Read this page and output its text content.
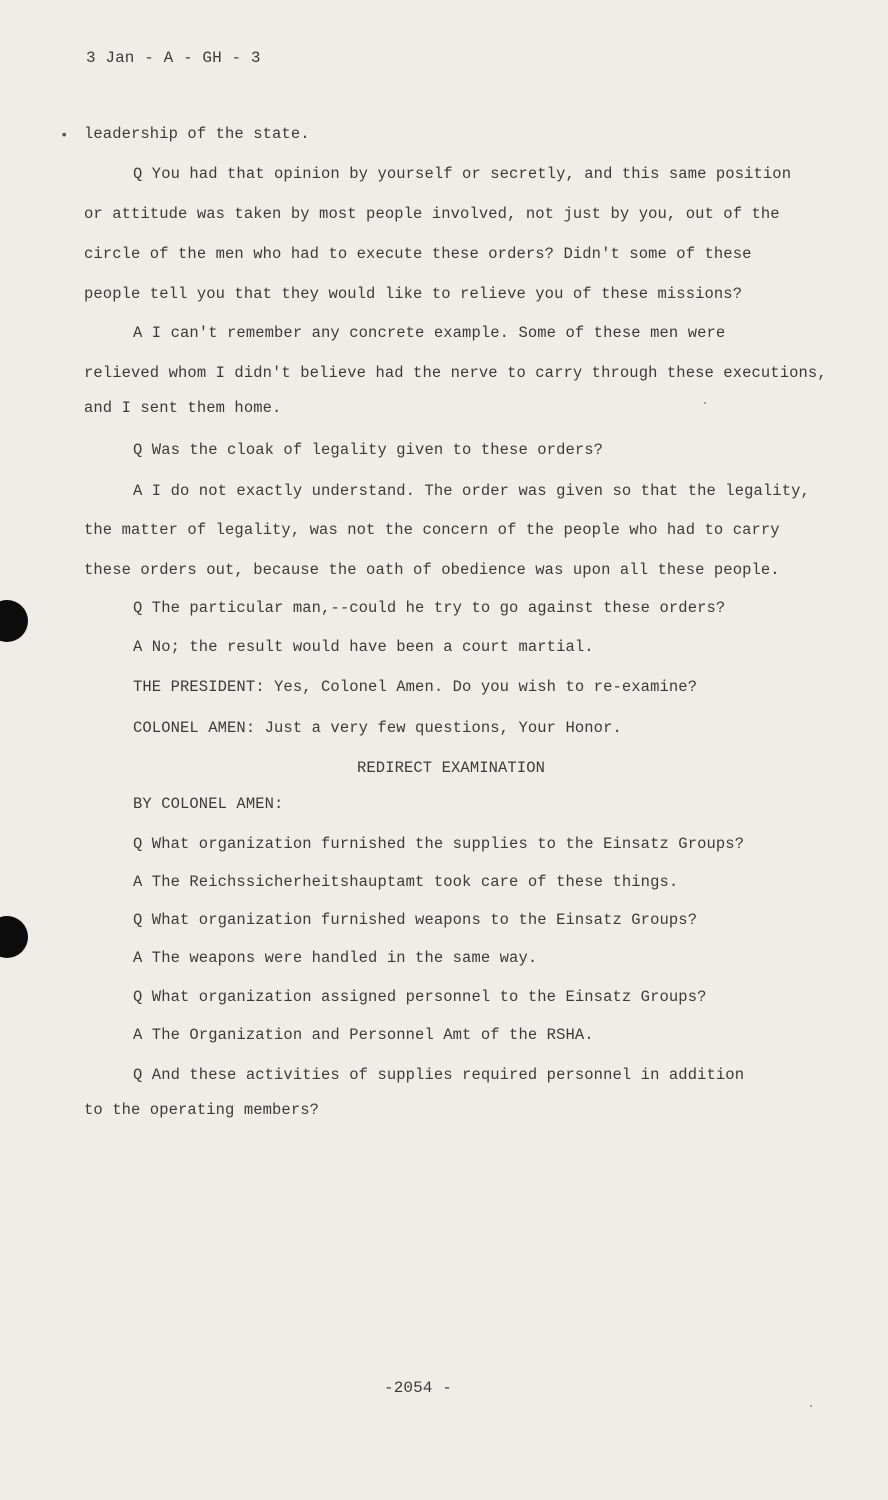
3 Jan - A - GH - 3
• leadership of the state.
Q You had that opinion by yourself or secretly, and this same position
or attitude was taken by most people involved, not just by you, out of the
circle of the men who had to execute these orders? Didn't some of these
people tell you that they would like to relieve you of these missions?
A I can't remember any concrete example. Some of these men were
relieved whom I didn't believe had the nerve to carry through these executions,
and I sent them home.
Q Was the cloak of legality given to these orders?
A I do not exactly understand. The order was given so that the legality,
the matter of legality, was not the concern of the people who had to carry
these orders out, because the oath of obedience was upon all these people.
Q The particular man,--could he try to go against these orders?
A No; the result would have been a court martial.
THE PRESIDENT: Yes, Colonel Amen. Do you wish to re-examine?
COLONEL AMEN: Just a very few questions, Your Honor.
REDIRECT EXAMINATION
BY COLONEL AMEN:
Q What organization furnished the supplies to the Einsatz Groups?
A The Reichssicherheitshauptamt took care of these things.
Q What organization furnished weapons to the Einsatz Groups?
A The weapons were handled in the same way.
Q What organization assigned personnel to the Einsatz Groups?
A The Organization and Personnel Amt of the RSHA.
Q And these activities of supplies required personnel in addition
to the operating members?
-2054 -
